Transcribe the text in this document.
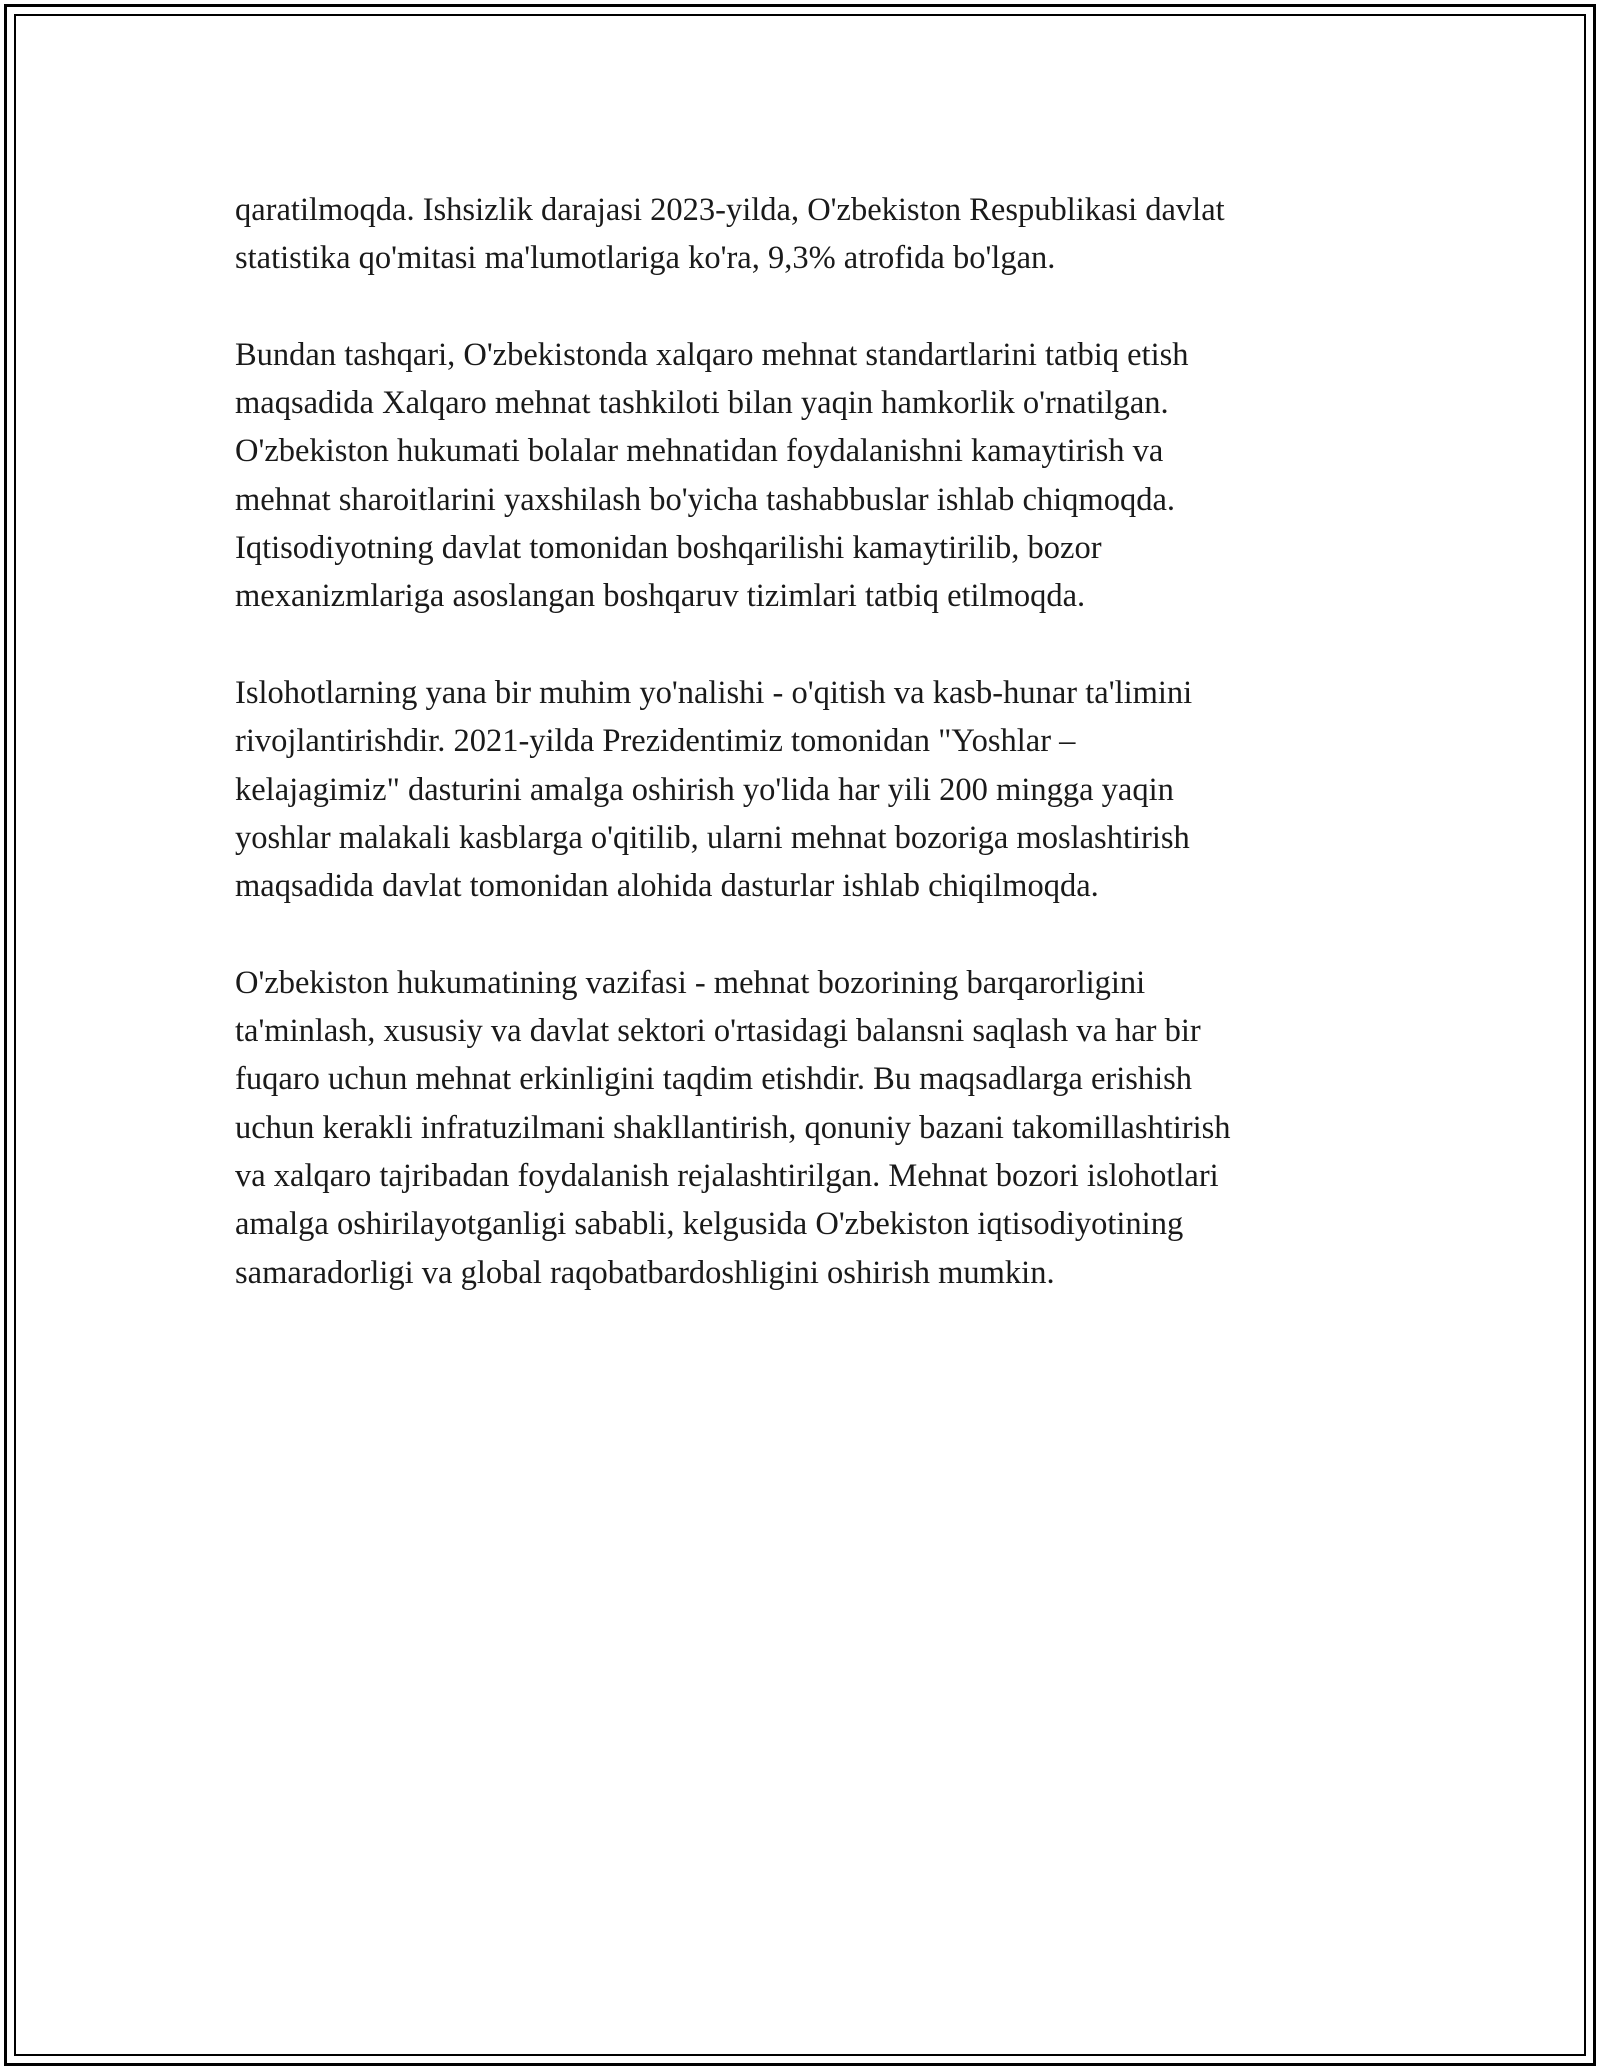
qaratilmoqda. Ishsizlik darajasi 2023-yilda, O'zbekiston Respublikasi davlat
statistika qo'mitasi ma'lumotlariga ko'ra, 9,3% atrofida bo'lgan.

Bundan tashqari, O'zbekistonda xalqaro mehnat standartlarini tatbiq etish
maqsadida Xalqaro mehnat tashkiloti bilan yaqin hamkorlik o'rnatilgan.
O'zbekiston hukumati bolalar mehnatidan foydalanishni kamaytirish va
mehnat sharoitlarini yaxshilash bo'yicha tashabbuslar ishlab chiqmoqda.
Iqtisodiyotning davlat tomonidan boshqarilishi kamaytirilib, bozor
mexanizmlariga asoslangan boshqaruv tizimlari tatbiq etilmoqda.

Islohotlarning yana bir muhim yo'nalishi - o'qitish va kasb-hunar ta'limini
rivojlantirishdir. 2021-yilda Prezidentimiz tomonidan "Yoshlar –
kelajagimiz" dasturini amalga oshirish yo'lida har yili 200 mingga yaqin
yoshlar malakali kasblarga o'qitilib, ularni mehnat bozoriga moslashtirish
maqsadida davlat tomonidan alohida dasturlar ishlab chiqilmoqda.

O'zbekiston hukumatining vazifasi - mehnat bozorining barqarorligini
ta'minlash, xususiy va davlat sektori o'rtasidagi balansni saqlash va har bir
fuqaro uchun mehnat erkinligini taqdim etishdir. Bu maqsadlarga erishish
uchun kerakli infratuzilmani shakllantirish, qonuniy bazani takomillashtirish
va xalqaro tajribadan foydalanish rejalashtirilgan. Mehnat bozori islohotlari
amalga oshirilayotganligi sababli, kelgusida O'zbekiston iqtisodiyotining
samaradorligi va global raqobatbardoshligini oshirish mumkin.
